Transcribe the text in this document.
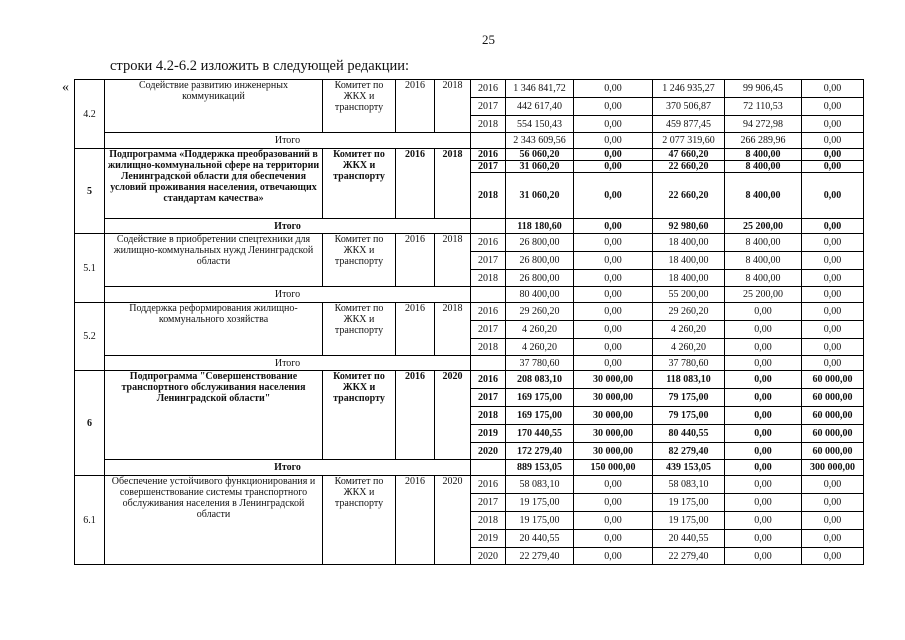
25
строки 4.2-6.2 изложить в следующей редакции:
«
4.2	Содействие развитию инженерных коммуникаций	Комитет по ЖКХ и транспорту	2016	2018	2016	1 346 841,72	0,00	1 246 935,27	99 906,45	0,00
					2017	442 617,40	0,00	370 506,87	72 110,53	0,00
					2018	554 150,43	0,00	459 877,45	94 272,98	0,00
	Итого					2 343 609,56	0,00	2 077 319,60	266 289,96	0,00
5	Подпрограмма «Поддержка преобразований в жилищно-коммунальной сфере на территории Ленинградской области для обеспечения условий проживания населения, отвечающих стандартам качества»	Комитет по ЖКХ и транспорту	2016	2018	2016	56 060,20	0,00	47 660,20	8 400,00	0,00
					2017	31 060,20	0,00	22 660,20	8 400,00	0,00
					2018	31 060,20	0,00	22 660,20	8 400,00	0,00
	Итого					118 180,60	0,00	92 980,60	25 200,00	0,00
5.1	Содействие в приобретении спецтехники для жилищно-коммунальных нужд Ленинградской области	Комитет по ЖКХ и транспорту	2016	2018	2016	26 800,00	0,00	18 400,00	8 400,00	0,00
					2017	26 800,00	0,00	18 400,00	8 400,00	0,00
					2018	26 800,00	0,00	18 400,00	8 400,00	0,00
	Итого					80 400,00	0,00	55 200,00	25 200,00	0,00
5.2	Поддержка реформирования жилищно-коммунального хозяйства	Комитет по ЖКХ и транспорту	2016	2018	2016	29 260,20	0,00	29 260,20	0,00	0,00
					2017	4 260,20	0,00	4 260,20	0,00	0,00
					2018	4 260,20	0,00	4 260,20	0,00	0,00
	Итого					37 780,60	0,00	37 780,60	0,00	0,00
6	Подпрограмма "Совершенствование транспортного обслуживания населения Ленинградской области"	Комитет по ЖКХ и транспорту	2016	2020	2016	208 083,10	30 000,00	118 083,10	0,00	60 000,00
					2017	169 175,00	30 000,00	79 175,00	0,00	60 000,00
					2018	169 175,00	30 000,00	79 175,00	0,00	60 000,00
					2019	170 440,55	30 000,00	80 440,55	0,00	60 000,00
					2020	172 279,40	30 000,00	82 279,40	0,00	60 000,00
	Итого					889 153,05	150 000,00	439 153,05	0,00	300 000,00
6.1	Обеспечение устойчивого функционирования и совершенствование системы транспортного обслуживания населения в Ленинградской области	Комитет по ЖКХ и транспорту	2016	2020	2016	58 083,10	0,00	58 083,10	0,00	0,00
					2017	19 175,00	0,00	19 175,00	0,00	0,00
					2018	19 175,00	0,00	19 175,00	0,00	0,00
					2019	20 440,55	0,00	20 440,55	0,00	0,00
					2020	22 279,40	0,00	22 279,40	0,00	0,00
